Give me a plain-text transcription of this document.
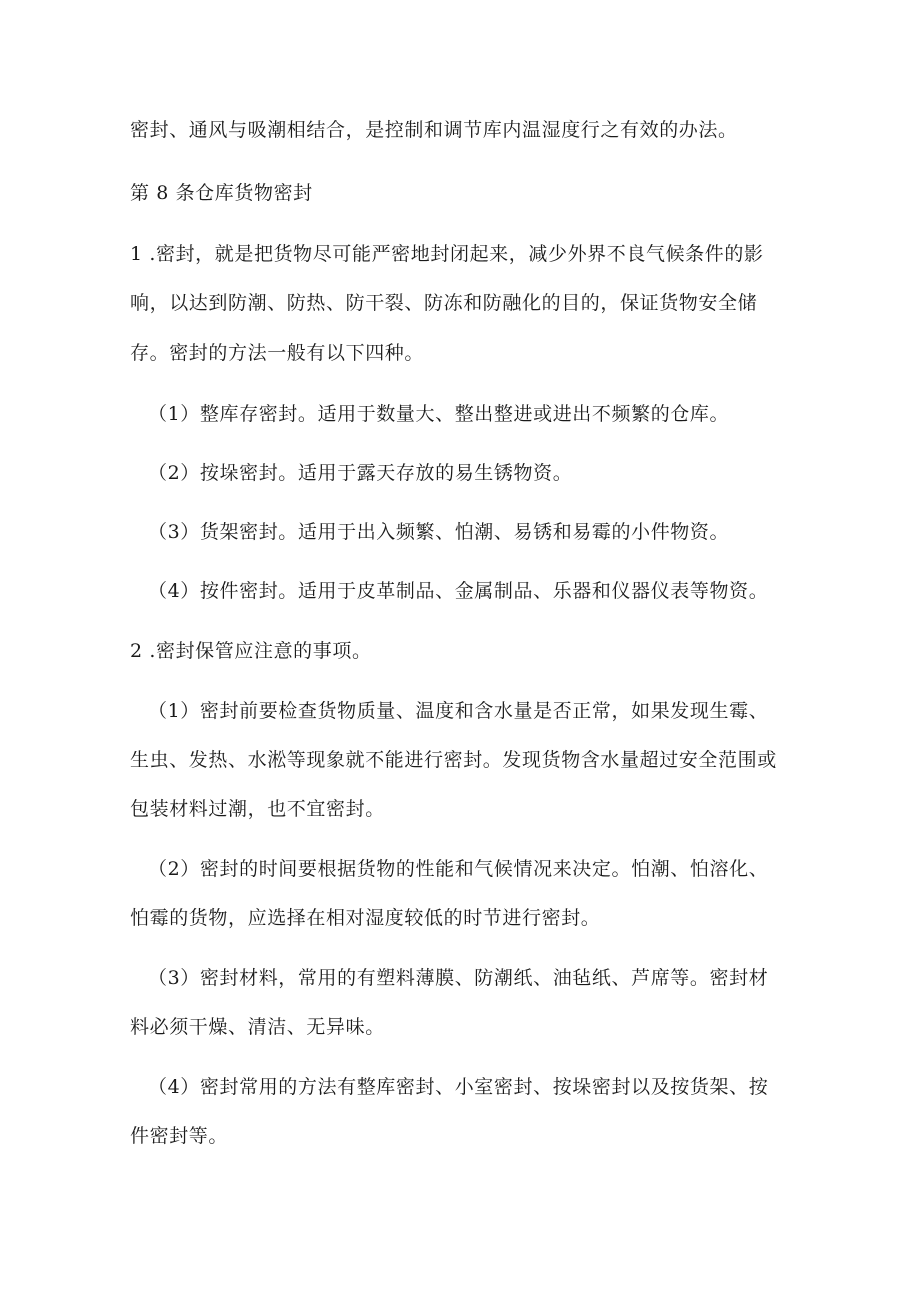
密封、通风与吸潮相结合，是控制和调节库内温湿度行之有效的办法。
第 8 条仓库货物密封
1 .密封，就是把货物尽可能严密地封闭起来，减少外界不良气候条件的影
响，以达到防潮、防热、防干裂、防冻和防融化的目的，保证货物安全储
存。密封的方法一般有以下四种。
（1）整库存密封。适用于数量大、整出整进或进出不频繁的仓库。
（2）按垛密封。适用于露天存放的易生锈物资。
（3）货架密封。适用于出入频繁、怕潮、易锈和易霉的小件物资。
（4）按件密封。适用于皮革制品、金属制品、乐器和仪器仪表等物资。
2 .密封保管应注意的事项。
（1）密封前要检查货物质量、温度和含水量是否正常，如果发现生霉、
生虫、发热、水淞等现象就不能进行密封。发现货物含水量超过安全范围或
包装材料过潮，也不宜密封。
（2）密封的时间要根据货物的性能和气候情况来决定。怕潮、怕溶化、
怕霉的货物，应选择在相对湿度较低的时节进行密封。
（3）密封材料，常用的有塑料薄膜、防潮纸、油毡纸、芦席等。密封材
料必须干燥、清洁、无异味。
（4）密封常用的方法有整库密封、小室密封、按垛密封以及按货架、按
件密封等。
